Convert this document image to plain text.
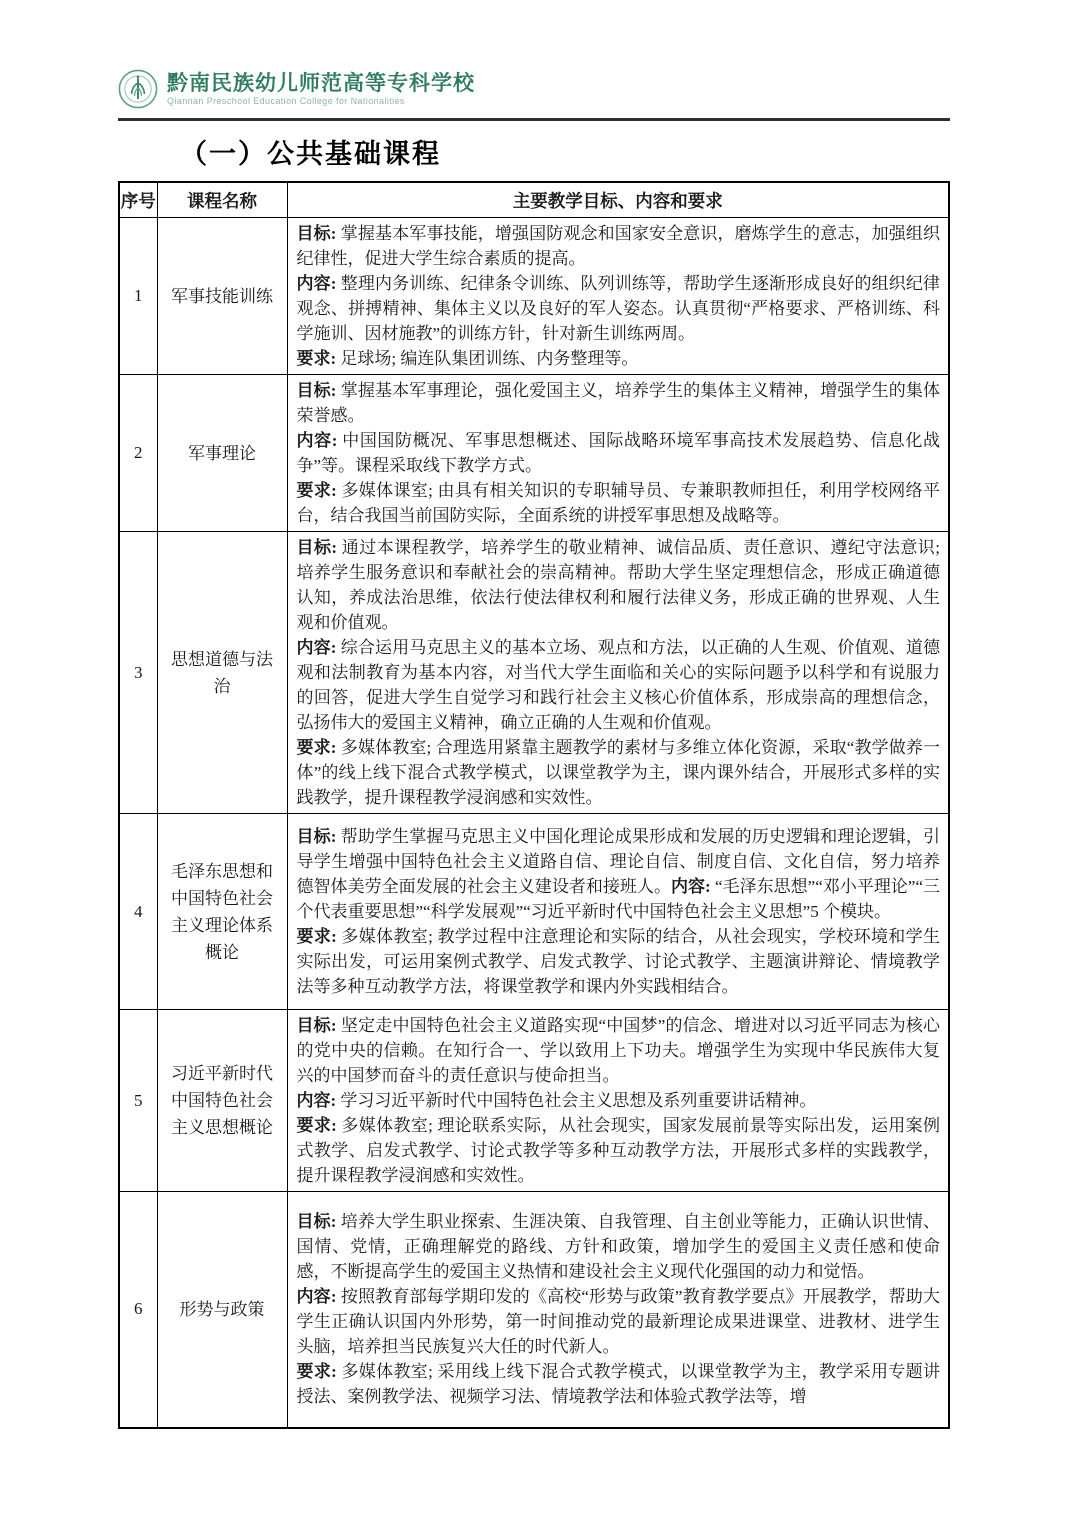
黔南民族幼儿师范高等专科学校
Qiannan Preschool Education College for Nationalities
（一）公共基础课程
序号	课程名称	主要教学目标、内容和要求
1	军事技能训练	目标: 掌握基本军事技能，增强国防观念和国家安全意识，磨炼学生的意志，加强组织纪律性，促进大学生综合素质的提高。

内容: 整理内务训练、纪律条令训练、队列训练等，帮助学生逐渐形成良好的组织纪律观念、拼搏精神、集体主义以及良好的军人姿态。认真贯彻“严格要求、严格训练、科学施训、因材施教”的训练方针，针对新生训练两周。

要求: 足球场; 编连队集团训练、内务整理等。

2	军事理论	目标: 掌握基本军事理论，强化爱国主义，培养学生的集体主义精神，增强学生的集体荣誉感。

内容: 中国国防概况、军事思想概述、国际战略环境军事高技术发展趋势、信息化战争”等。课程采取线下教学方式。

要求: 多媒体课室; 由具有相关知识的专职辅导员、专兼职教师担任，利用学校网络平台，结合我国当前国防实际，全面系统的讲授军事思想及战略等。

3	思想道德与法治	目标: 通过本课程教学，培养学生的敬业精神、诚信品质、责任意识、遵纪守法意识;培养学生服务意识和奉献社会的崇高精神。帮助大学生坚定理想信念，形成正确道德认知，养成法治思维，依法行使法律权利和履行法律义务，形成正确的世界观、人生观和价值观。

内容: 综合运用马克思主义的基本立场、观点和方法，以正确的人生观、价值观、道德观和法制教育为基本内容，对当代大学生面临和关心的实际问题予以科学和有说服力的回答，促进大学生自觉学习和践行社会主义核心价值体系，形成崇高的理想信念，弘扬伟大的爱国主义精神，确立正确的人生观和价值观。

要求: 多媒体教室; 合理选用紧靠主题教学的素材与多维立体化资源，采取“教学做养一体”的线上线下混合式教学模式，以课堂教学为主，课内课外结合，开展形式多样的实践教学，提升课程教学浸润感和实效性。

4	毛泽东思想和中国特色社会主义理论体系概论	目标: 帮助学生掌握马克思主义中国化理论成果形成和发展的历史逻辑和理论逻辑，引导学生增强中国特色社会主义道路自信、理论自信、制度自信、文化自信，努力培养德智体美劳全面发展的社会主义建设者和接班人。内容: “毛泽东思想”“邓小平理论”“三个代表重要思想”“科学发展观”“习近平新时代中国特色社会主义思想”5 个模块。

要求: 多媒体教室; 教学过程中注意理论和实际的结合，从社会现实，学校环境和学生实际出发，可运用案例式教学、启发式教学、讨论式教学、主题演讲辩论、情境教学法等多种互动教学方法，将课堂教学和课内外实践相结合。

5	习近平新时代中国特色社会主义思想概论	目标: 坚定走中国特色社会主义道路实现“中国梦”的信念、增进对以习近平同志为核心的党中央的信赖。在知行合一、学以致用上下功夫。增强学生为实现中华民族伟大复兴的中国梦而奋斗的责任意识与使命担当。

内容: 学习习近平新时代中国特色社会主义思想及系列重要讲话精神。

要求: 多媒体教室; 理论联系实际，从社会现实，国家发展前景等实际出发，运用案例式教学、启发式教学、讨论式教学等多种互动教学方法，开展形式多样的实践教学，提升课程教学浸润感和实效性。

6	形势与政策	目标: 培养大学生职业探索、生涯决策、自我管理、自主创业等能力，正确认识世情、国情、党情，正确理解党的路线、方针和政策，增加学生的爱国主义责任感和使命感，不断提高学生的爱国主义热情和建设社会主义现代化强国的动力和觉悟。

内容: 按照教育部每学期印发的《高校“形势与政策”教育教学要点》开展教学，帮助大学生正确认识国内外形势，第一时间推动党的最新理论成果进课堂、进教材、进学生头脑，培养担当民族复兴大任的时代新人。

要求: 多媒体教室; 采用线上线下混合式教学模式，以课堂教学为主，教学采用专题讲授法、案例教学法、视频学习法、情境教学法和体验式教学法等，增
